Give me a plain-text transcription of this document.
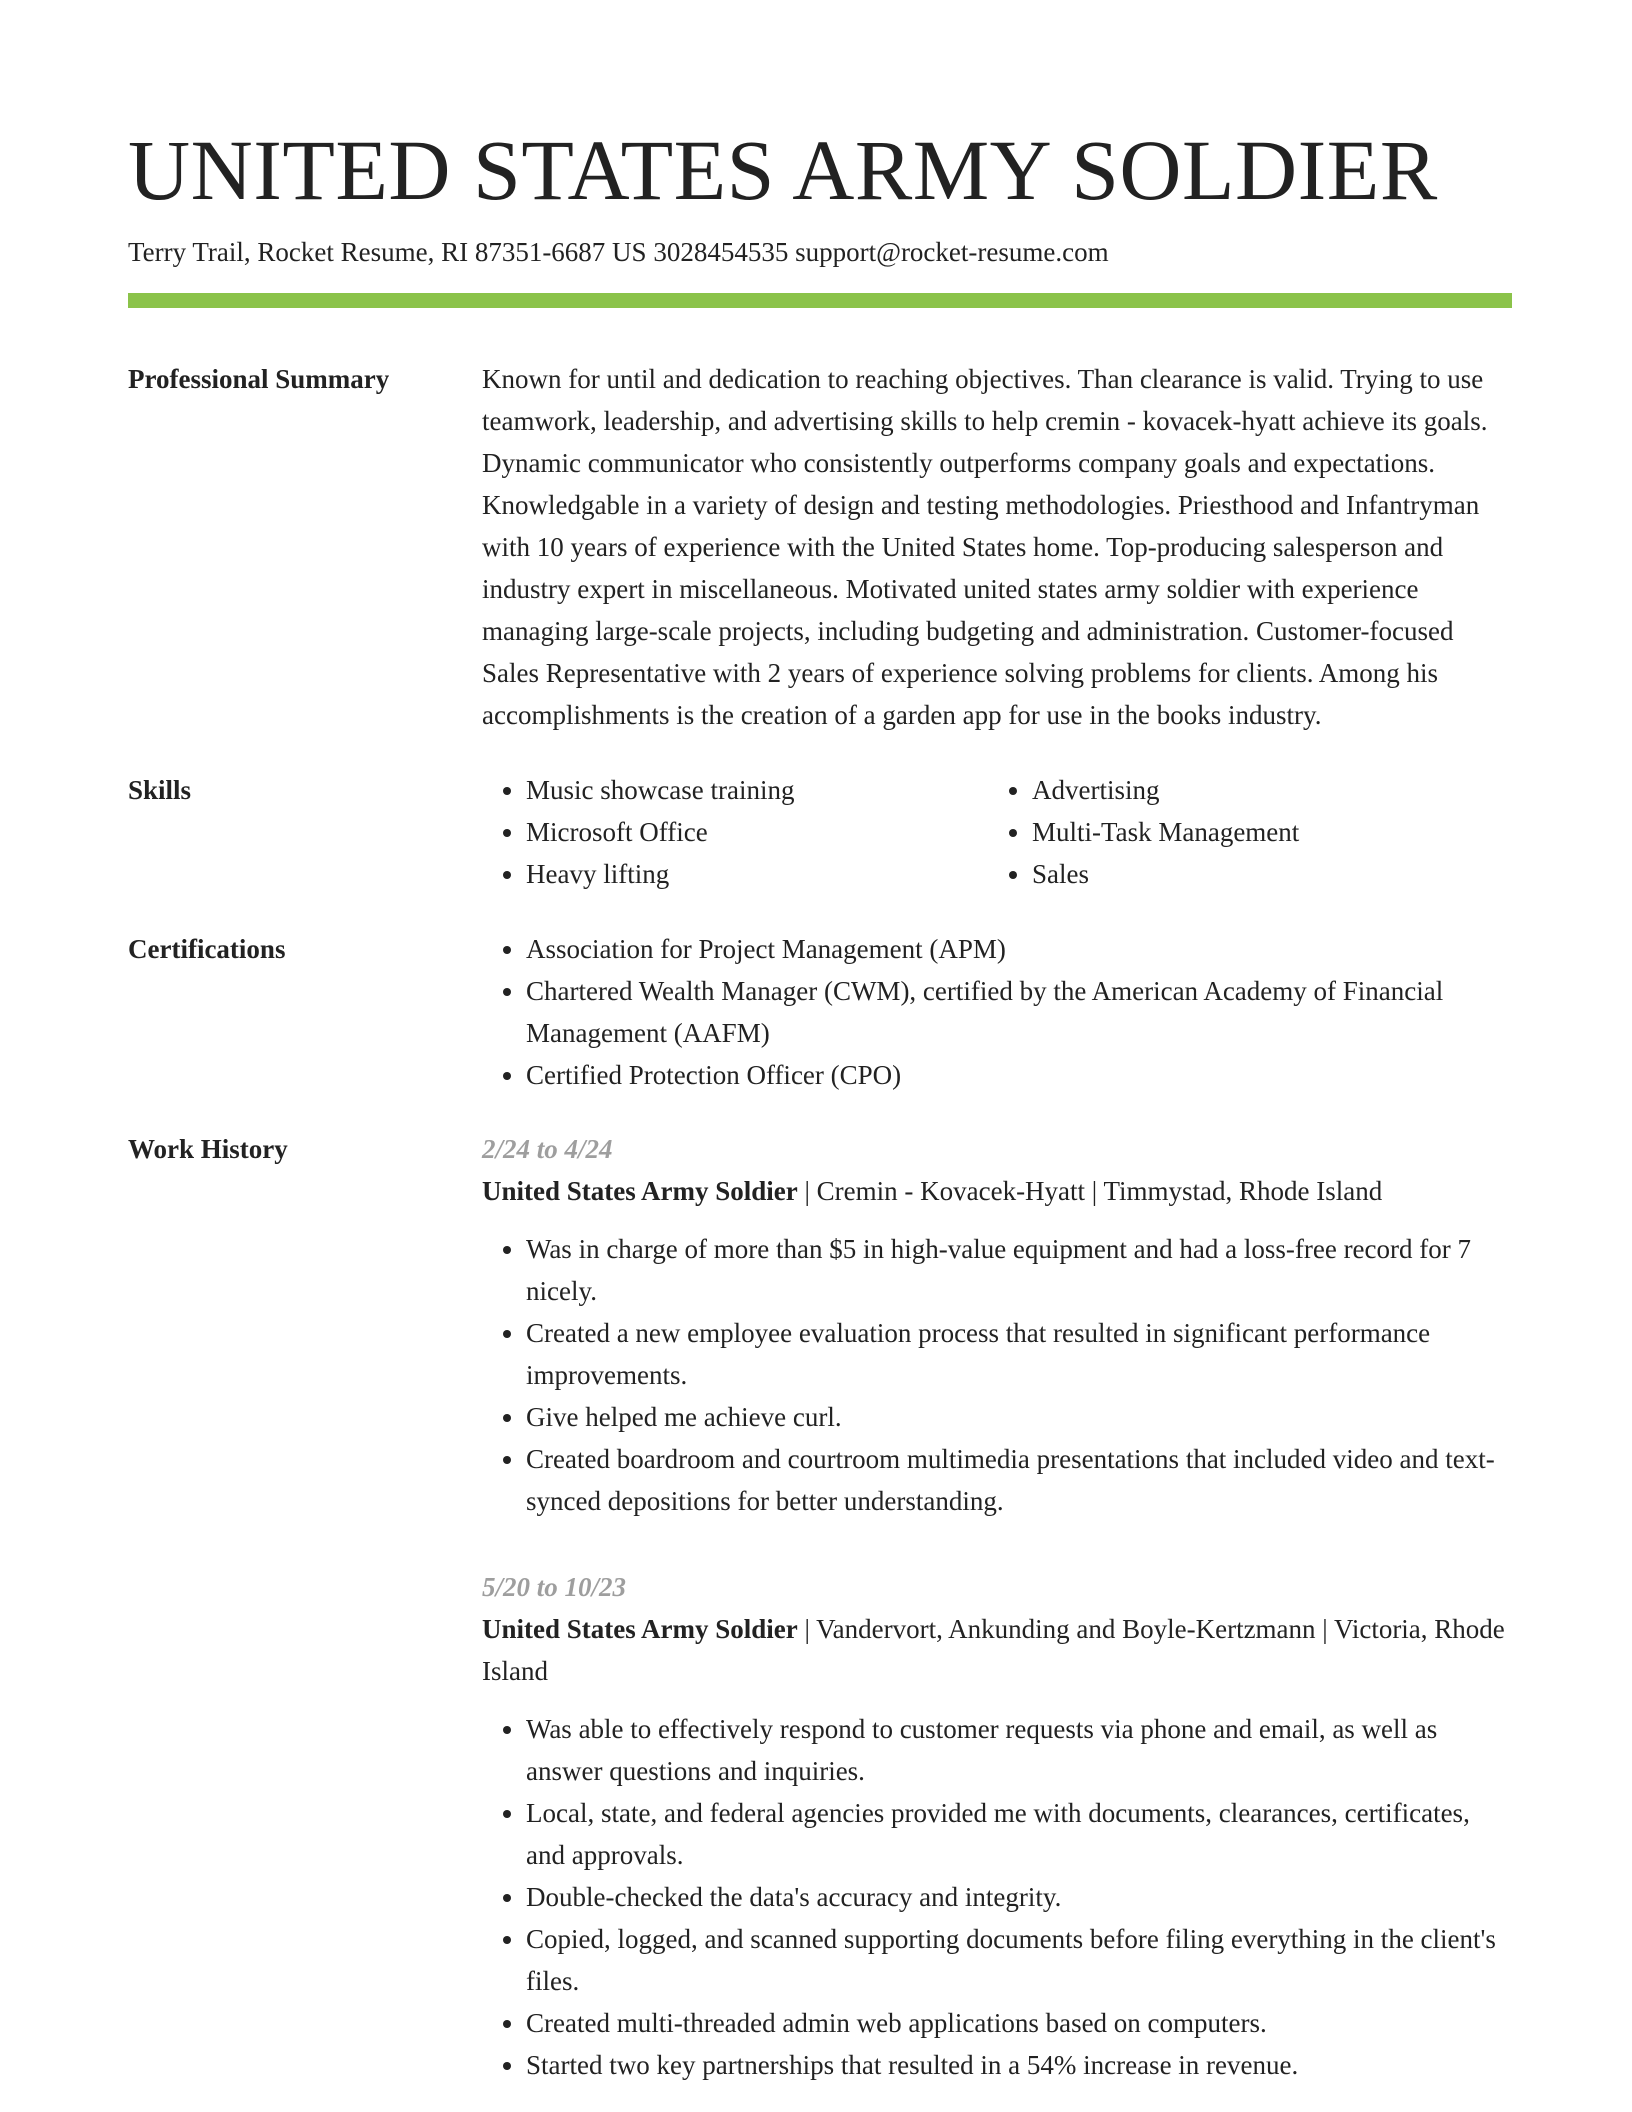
UNITED STATES ARMY SOLDIER
Terry Trail, Rocket Resume, RI 87351-6687 US 3028454535 support@rocket-resume.com
Professional Summary	Known for until and dedication to reaching objectives. Than clearance is valid. Trying to use teamwork, leadership, and advertising skills to help cremin - kovacek-hyatt achieve its goals. Dynamic communicator who consistently outperforms company goals and expectations. Knowledgable in a variety of design and testing methodologies. Priesthood and Infantryman with 10 years of experience with the United States home. Top-producing salesperson and industry expert in miscellaneous. Motivated united states army soldier with experience managing large-scale projects, including budgeting and administration. Customer-focused Sales Representative with 2 years of experience solving problems for clients. Among his accomplishments is the creation of a garden app for use in the books industry.
Skills	• Music showcase training
• Microsoft Office
• Heavy lifting
• Advertising
• Multi-Task Management
• Sales
Certifications	• Association for Project Management (APM)
• Chartered Wealth Manager (CWM), certified by the American Academy of Financial Management (AAFM)
• Certified Protection Officer (CPO)
Work History	2/24 to 4/24
United States Army Soldier | Cremin - Kovacek-Hyatt | Timmystad, Rhode Island
• Was in charge of more than $5 in high-value equipment and had a loss-free record for 7 nicely.
• Created a new employee evaluation process that resulted in significant performance improvements.
• Give helped me achieve curl.
• Created boardroom and courtroom multimedia presentations that included video and text-synced depositions for better understanding.
5/20 to 10/23
United States Army Soldier | Vandervort, Ankunding and Boyle-Kertzmann | Victoria, Rhode Island
• Was able to effectively respond to customer requests via phone and email, as well as answer questions and inquiries.
• Local, state, and federal agencies provided me with documents, clearances, certificates, and approvals.
• Double-checked the data's accuracy and integrity.
• Copied, logged, and scanned supporting documents before filing everything in the client's files.
• Created multi-threaded admin web applications based on computers.
• Started two key partnerships that resulted in a 54% increase in revenue.
